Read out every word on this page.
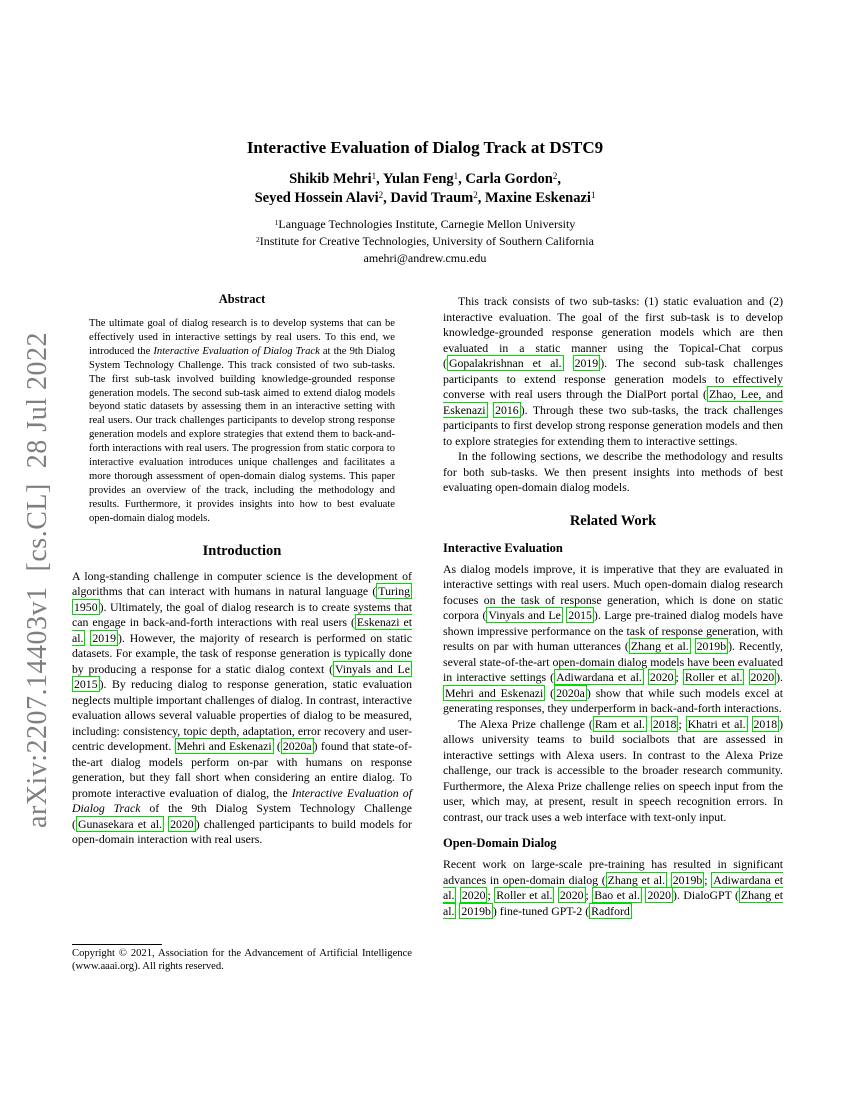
arXiv:2207.14403v1  [cs.CL]  28 Jul 2022
Interactive Evaluation of Dialog Track at DSTC9
Shikib Mehri$^1$, Yulan Feng$^1$, Carla Gordon$^2$,
Seyed Hossein Alavi$^2$, David Traum$^2$, Maxine Eskenazi$^1$
$^1$Language Technologies Institute, Carnegie Mellon University
$^2$Institute for Creative Technologies, University of Southern California
amehri@andrew.cmu.edu
Abstract

The ultimate goal of dialog research is to develop systems that can be effectively used in interactive settings by real users. To this end, we introduced the Interactive Evaluation of Dialog Track at the 9th Dialog System Technology Challenge. This track consisted of two sub-tasks. The first sub-task involved building knowledge-grounded response generation models. The second sub-task aimed to extend dialog models beyond static datasets by assessing them in an interactive setting with real users. Our track challenges participants to develop strong response generation models and explore strategies that extend them to back-and-forth interactions with real users. The progression from static corpora to interactive evaluation introduces unique challenges and facilitates a more thorough assessment of open-domain dialog systems. This paper provides an overview of the track, including the methodology and results. Furthermore, it provides insights into how to best evaluate open-domain dialog models.

Introduction

A long-standing challenge in computer science is the development of algorithms that can interact with humans in natural language ( Turing 1950 ). Ultimately, the goal of dialog research is to create systems that can engage in back-and-forth interactions with real users ( Eskenazi et al. 2019 ). However, the majority of research is performed on static datasets. For example, the task of response generation is typically done by producing a response for a static dialog context ( Vinyals and Le 2015 ). By reducing dialog to response generation, static evaluation neglects multiple important challenges of dialog. In contrast, interactive evaluation allows several valuable properties of dialog to be measured, including: consistency, topic depth, adaptation, error recovery and user-centric development. Mehri and Eskenazi ( 2020a ) found that state-of-the-art dialog models perform on-par with humans on response generation, but they fall short when considering an entire dialog. To promote interactive evaluation of dialog, the Interactive Evaluation of Dialog Track of the 9th Dialog System Technology Challenge ( Gunasekara et al. 2020 ) challenged participants to build models for open-domain interaction with real users.

This track consists of two sub-tasks: (1) static evaluation and (2) interactive evaluation. The goal of the first sub-task is to develop knowledge-grounded response generation models which are then evaluated in a static manner using the Topical-Chat corpus ( Gopalakrishnan et al. 2019 ). The second sub-task challenges participants to extend response generation models to effectively converse with real users through the DialPort portal ( Zhao, Lee, and Eskenazi 2016 ). Through these two sub-tasks, the track challenges participants to first develop strong response generation models and then to explore strategies for extending them to interactive settings.

In the following sections, we describe the methodology and results for both sub-tasks. We then present insights into methods of best evaluating open-domain dialog models.

Related Work
Interactive Evaluation

As dialog models improve, it is imperative that they are evaluated in interactive settings with real users. Much open-domain dialog research focuses on the task of response generation, which is done on static corpora ( Vinyals and Le 2015 ). Large pre-trained dialog models have shown impressive performance on the task of response generation, with results on par with human utterances ( Zhang et al. 2019b ). Recently, several state-of-the-art open-domain dialog models have been evaluated in interactive settings ( Adiwardana et al. 2020 ; Roller et al. 2020 ). Mehri and Eskenazi ( 2020a ) show that while such models excel at generating responses, they underperform in back-and-forth interactions.

The Alexa Prize challenge ( Ram et al. 2018 ; Khatri et al. 2018 ) allows university teams to build socialbots that are assessed in interactive settings with Alexa users. In contrast to the Alexa Prize challenge, our track is accessible to the broader research community. Furthermore, the Alexa Prize challenge relies on speech input from the user, which may, at present, result in speech recognition errors. In contrast, our track uses a web interface with text-only input.

Open-Domain Dialog

Recent work on large-scale pre-training has resulted in significant advances in open-domain dialog ( Zhang et al. 2019b ; Adiwardana et al. 2020 ; Roller et al. 2020 ; Bao et al. 2020 ). DialoGPT ( Zhang et al. 2019b ) fine-tuned GPT-2 ( Radford

Copyright © 2021, Association for the Advancement of Artificial Intelligence (www.aaai.org). All rights reserved.
